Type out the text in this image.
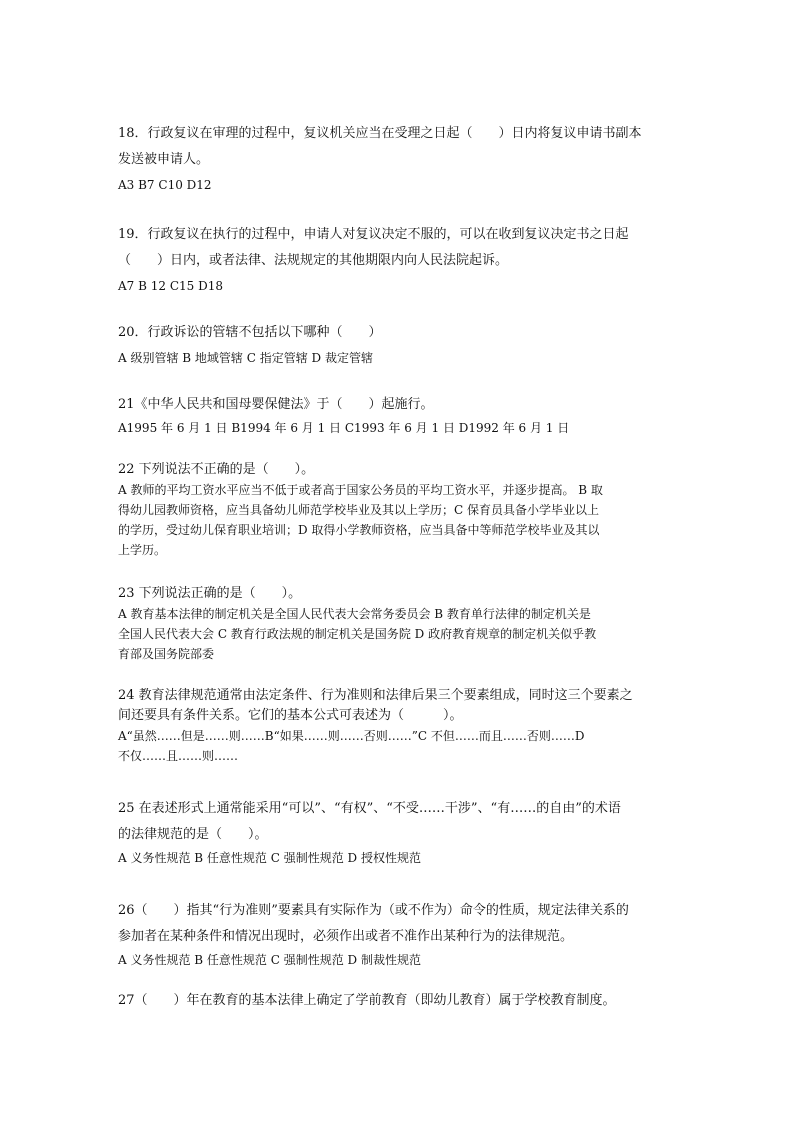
18．行政复议在审理的过程中，复议机关应当在受理之日起（　　）日内将复议申请书副本
发送被申请人。
A3 B7 C10 D12
19．行政复议在执行的过程中，申请人对复议决定不服的，可以在收到复议决定书之日起
（　　）日内，或者法律、法规规定的其他期限内向人民法院起诉。
A7 B 12 C15 D18
20．行政诉讼的管辖不包括以下哪种（　　）
A 级别管辖 B 地域管辖 C 指定管辖 D 裁定管辖
21《中华人民共和国母婴保健法》于（　　）起施行。
A1995 年 6 月 1 日 B1994 年 6 月 1 日 C1993 年 6 月 1 日 D1992 年 6 月 1 日
22 下列说法不正确的是（　　）。
A 教师的平均工资水平应当不低于或者高于国家公务员的平均工资水平，并逐步提高。 B 取
得幼儿园教师资格，应当具备幼儿师范学校毕业及其以上学历；C 保育员具备小学毕业以上
的学历，受过幼儿保育职业培训；D 取得小学教师资格，应当具备中等师范学校毕业及其以
上学历。
23 下列说法正确的是（　　）。
A 教育基本法律的制定机关是全国人民代表大会常务委员会 B 教育单行法律的制定机关是
全国人民代表大会 C 教育行政法规的制定机关是国务院 D 政府教育规章的制定机关似乎教
育部及国务院部委
24 教育法律规范通常由法定条件、行为准则和法律后果三个要素组成，同时这三个要素之
间还要具有条件关系。它们的基本公式可表述为（　　　）。
A“虽然……但是……则……B“如果……则……否则……”C 不但……而且……否则……D
不仅……且……则……
25 在表述形式上通常能采用“可以”、“有权”、“不受……干涉”、“有……的自由”的术语
的法律规范的是（　　）。
A 义务性规范 B 任意性规范 C 强制性规范 D 授权性规范
26（　　）指其“行为准则”要素具有实际作为（或不作为）命令的性质，规定法律关系的
参加者在某种条件和情况出现时，必须作出或者不准作出某种行为的法律规范。
A 义务性规范 B 任意性规范 C 强制性规范 D 制裁性规范
27（　　）年在教育的基本法律上确定了学前教育（即幼儿教育）属于学校教育制度。
